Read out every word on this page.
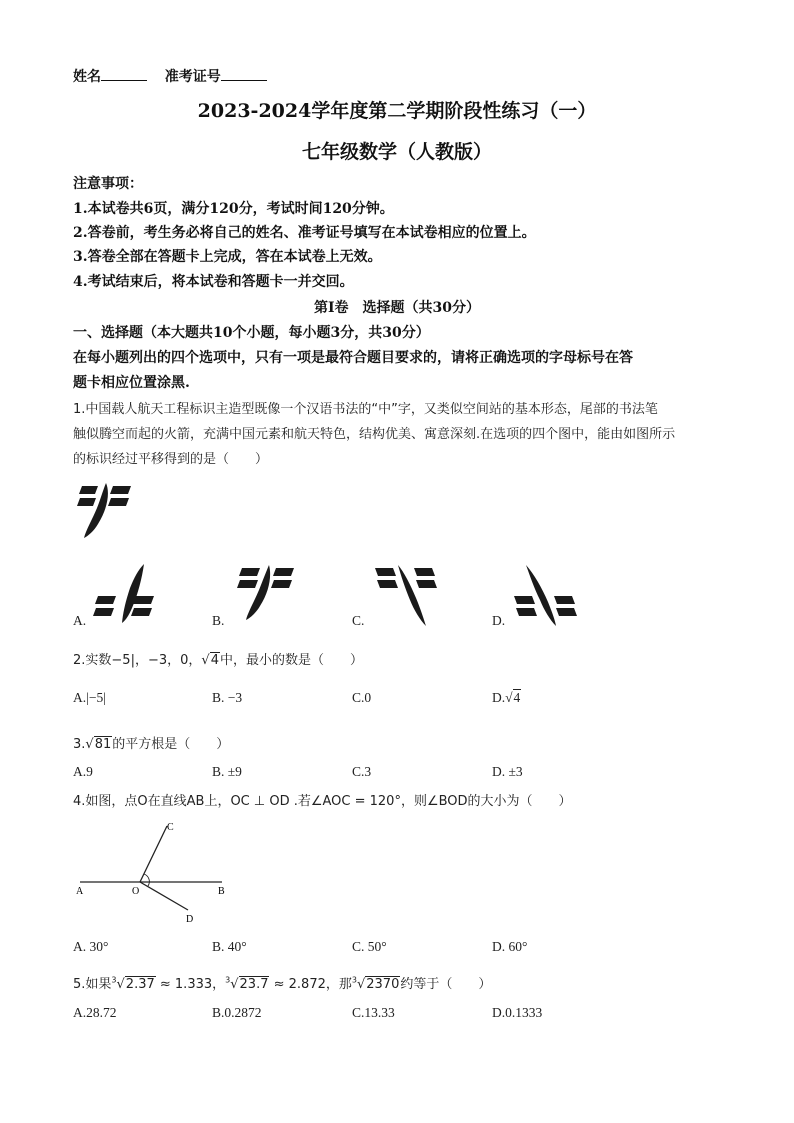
姓名	准考证号
2023-2024学年度第二学期阶段性练习（一）
七年级数学（人教版）
注意事项：
1.本试卷共6页，满分120分，考试时间120分钟。
2.答卷前，考生务必将自己的姓名、准考证号填写在本试卷相应的位置上。
3.答卷全部在答题卡上完成，答在本试卷上无效。
4.考试结束后，将本试卷和答题卡一并交回。
第Ⅰ卷　选择题（共30分）
一、选择题（本大题共10个小题，每小题3分，共30分）
在每小题列出的四个选项中，只有一项是最符合题目要求的，请将正确选项的字母标号在答
题卡相应位置涂黑.
1.中国载人航天工程标识主造型既像一个汉语书法的“中”字，又类似空间站的基本形态，尾部的书法笔
触似腾空而起的火箭，充满中国元素和航天特色，结构优美、寓意深刻.在选项的四个图中，能由如图所示
的标识经过平移得到的是（　　）
A.	B.	C.	D.
2.实数−5|，−3，0，√4中，最小的数是（　　）
A.|−5|	B. −3	C.0	D.√4
3.√81的平方根是（　　）
A.9	B. ±9	C.3	D. ±3
4.如图，点O在直线AB上，OC ⊥ OD .若∠AOC = 120°，则∠BOD的大小为（　　）
A	O	B
C
D
A. 30°	B. 40°	C. 50°	D. 60°
5.如果$^3$√2.37 ≈ 1.333，$^3$√23.7 ≈ 2.872，那$^3$√2370约等于（　　）
A.28.72	B.0.2872	C.13.33	D.0.1333
